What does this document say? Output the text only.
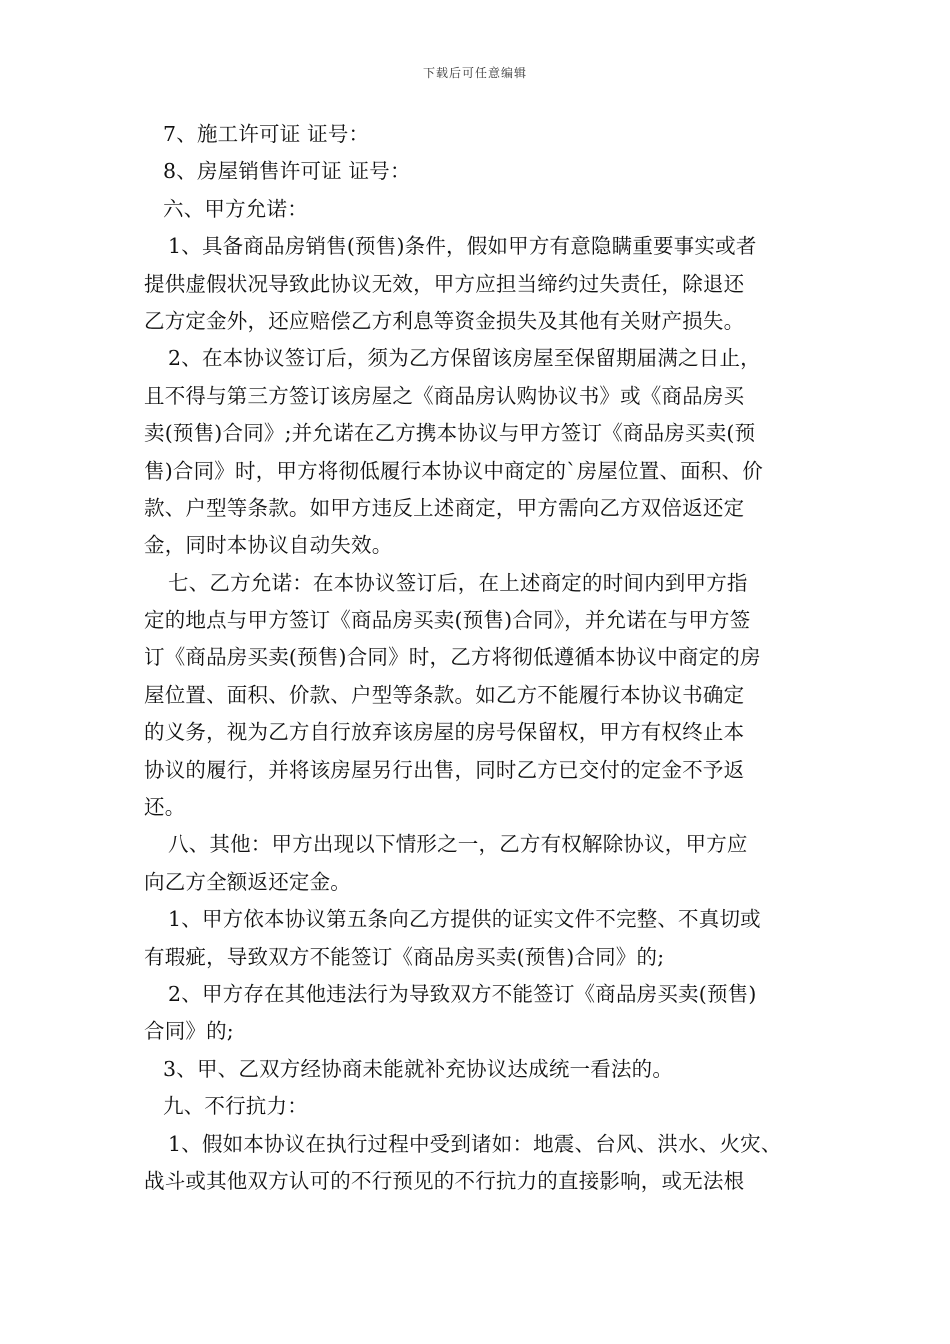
下载后可任意编辑
7、施工许可证 证号：
8、房屋销售许可证 证号：
六、甲方允诺：
1、具备商品房销售(预售)条件，假如甲方有意隐瞒重要事实或者
提供虚假状况导致此协议无效，甲方应担当缔约过失责任，除退还
乙方定金外，还应赔偿乙方利息等资金损失及其他有关财产损失。
2、在本协议签订后，须为乙方保留该房屋至保留期届满之日止，
且不得与第三方签订该房屋之《商品房认购协议书》或《商品房买
卖(预售)合同》;并允诺在乙方携本协议与甲方签订《商品房买卖(预
售)合同》时，甲方将彻低履行本协议中商定的`房屋位置、面积、价
款、户型等条款。如甲方违反上述商定，甲方需向乙方双倍返还定
金，同时本协议自动失效。
七、乙方允诺：在本协议签订后，在上述商定的时间内到甲方指
定的地点与甲方签订《商品房买卖(预售)合同》，并允诺在与甲方签
订《商品房买卖(预售)合同》时，乙方将彻低遵循本协议中商定的房
屋位置、面积、价款、户型等条款。如乙方不能履行本协议书确定
的义务，视为乙方自行放弃该房屋的房号保留权，甲方有权终止本
协议的履行，并将该房屋另行出售，同时乙方已交付的定金不予返
还。
八、其他：甲方出现以下情形之一，乙方有权解除协议，甲方应
向乙方全额返还定金。
1、甲方依本协议第五条向乙方提供的证实文件不完整、不真切或
有瑕疵，导致双方不能签订《商品房买卖(预售)合同》的;
2、甲方存在其他违法行为导致双方不能签订《商品房买卖(预售)
合同》的;
3、甲、乙双方经协商未能就补充协议达成统一看法的。
九、不行抗力：
1、假如本协议在执行过程中受到诸如：地震、台风、洪水、火灾、
战斗或其他双方认可的不行预见的不行抗力的直接影响，或无法根
